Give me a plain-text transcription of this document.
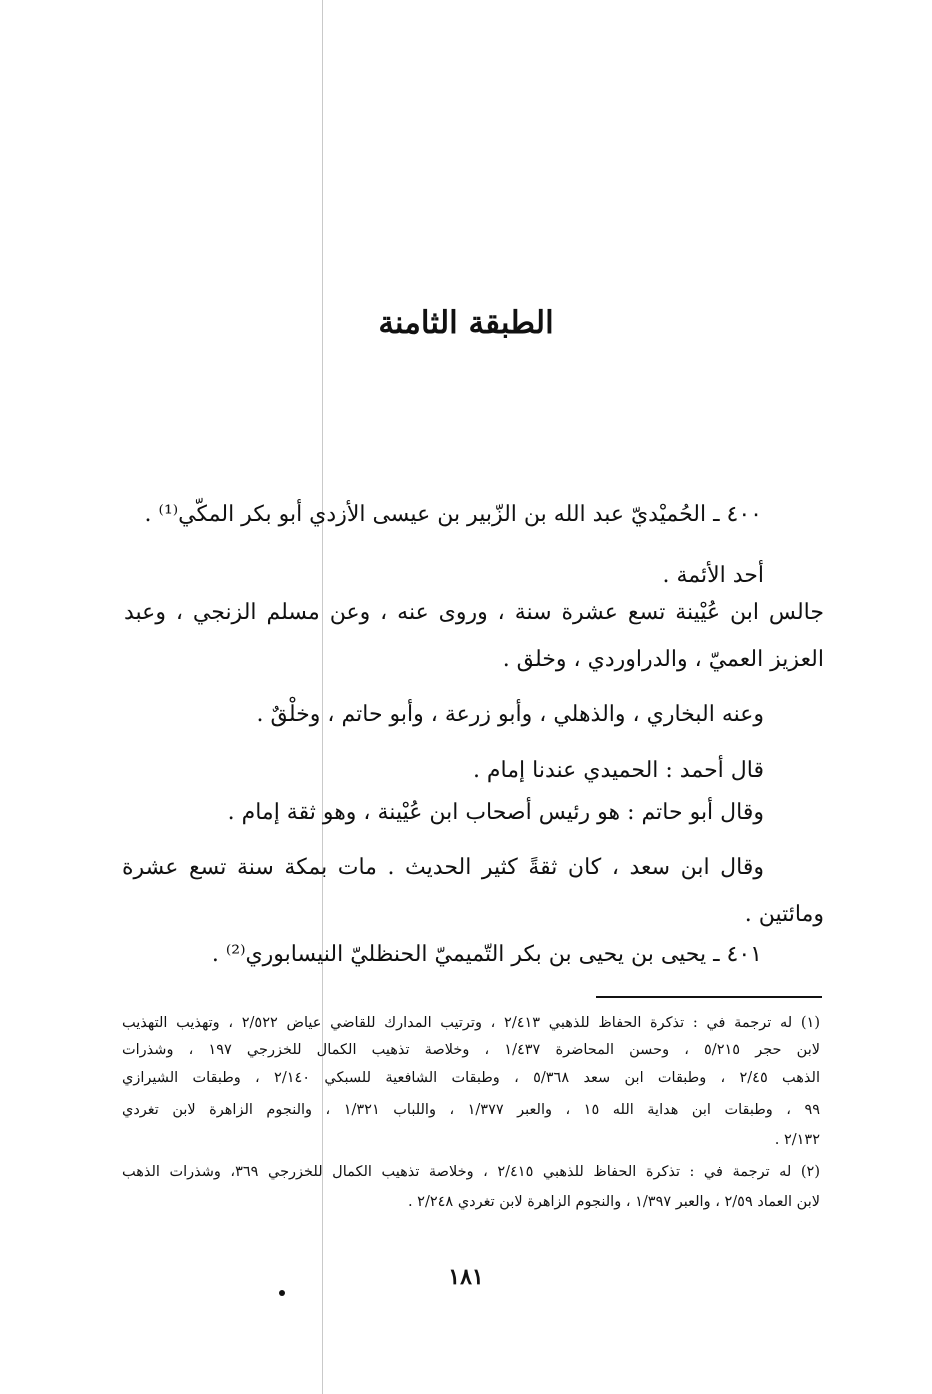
الطبقة الثامنة
٤٠٠ ـ الحُميْديّ عبد الله بن الزّبير بن عيسى الأزدي أبو بكر المكّي⁽¹⁾ .
أحد الأئمة .
جالس ابن عُيْينة تسع عشرة سنة ، وروى عنه ، وعن مسلم الزنجي ، وعبد
العزيز العميّ ، والدراوردي ، وخلق .
وعنه البخاري ، والذهلي ، وأبو زرعة ، وأبو حاتم ، وخلْقٌ .
قال أحمد : الحميدي عندنا إمام .
وقال أبو حاتم : هو رئيس أصحاب ابن عُيْينة ، وهو ثقة إمام .
وقال ابن سعد ، كان ثقةً كثير الحديث . مات بمكة سنة تسع عشرة
ومائتين .
٤٠١ ـ يحيى بن يحيى بن بكر التّميميّ الحنظليّ النيسابوري⁽²⁾ .
(١) له ترجمة في : تذكرة الحفاظ للذهبي ٢/٤١٣ ، وترتيب المدارك للقاضي عياض ٢/٥٢٢ ، وتهذيب التهذيب
لابن حجر ٥/٢١٥ ، وحسن المحاضرة ١/٤٣٧ ، وخلاصة تذهيب الكمال للخزرجي ١٩٧ ، وشذرات
الذهب ٢/٤٥ ، وطبقات ابن سعد ٥/٣٦٨ ، وطبقات الشافعية للسبكي ٢/١٤٠ ، وطبقات الشيرازي
٩٩ ، وطبقات ابن هداية الله ١٥ ، والعبر ١/٣٧٧ ، واللباب ١/٣٢١ ، والنجوم الزاهرة لابن تغردي
٢/١٣٢ .
(٢) له ترجمة في : تذكرة الحفاظ للذهبي ٢/٤١٥ ، وخلاصة تذهيب الكمال للخزرجي ٣٦٩، وشذرات الذهب
لابن العماد ٢/٥٩ ، والعبر ١/٣٩٧ ، والنجوم الزاهرة لابن تغردي ٢/٢٤٨ .
١٨١
